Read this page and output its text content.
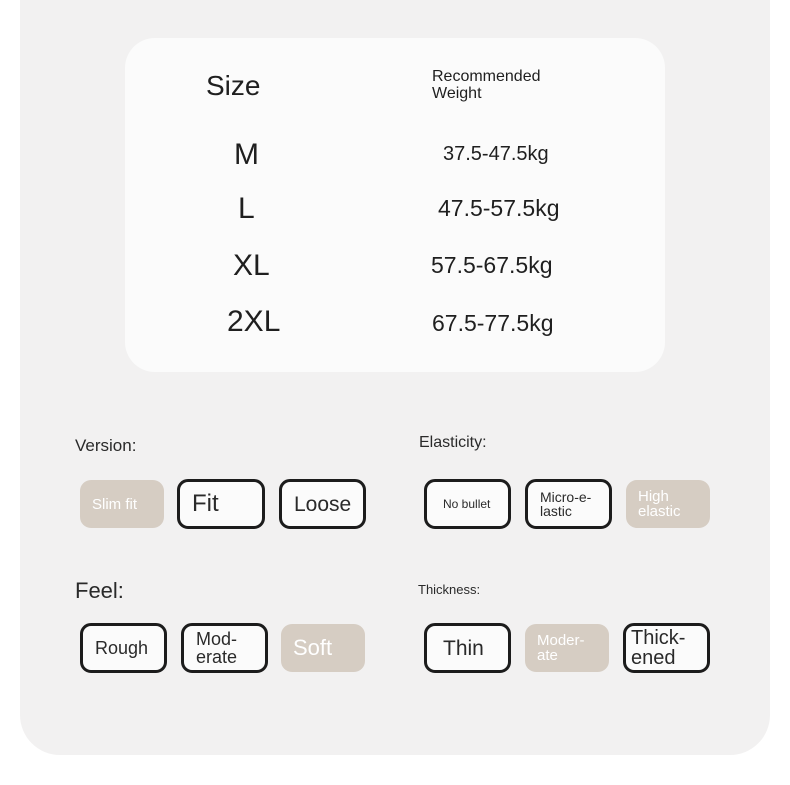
Size	Recommended
Weight
M	37.5-47.5kg
L	47.5-57.5kg
XL	57.5-67.5kg
2XL	67.5-77.5kg
Version:
Slim fit Fit	Loose
Elasticity:
No bullet	Micro-e-
lastic
High
elastic
Feel:
Rough	Mod-
erate	Soft
Thickness:
Thin	Moder-
ate
Thick-
ened
